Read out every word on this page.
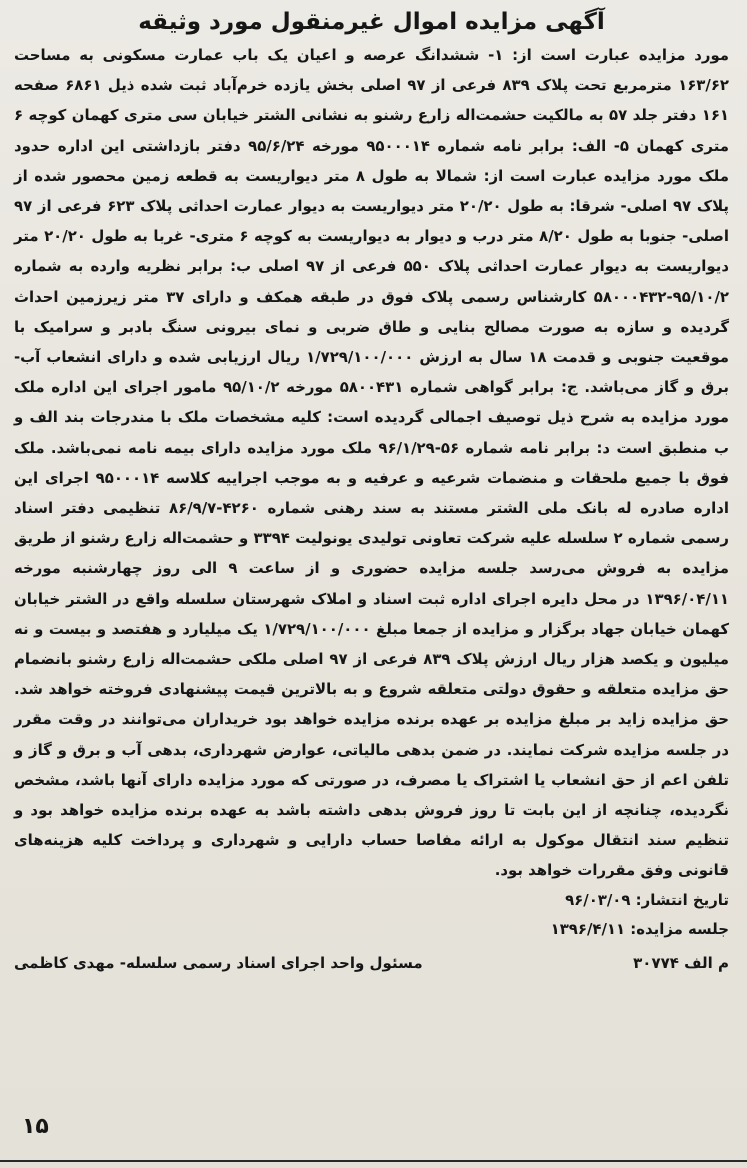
آگهی مزایده اموال غیرمنقول مورد وثیقه

مورد مزایده عبارت است از: ۱- ششدانگ عرصه و اعیان یک باب عمارت مسکونی به مساحت ۱۶۳/۶۲ مترمربع تحت پلاک ۸۳۹ فرعی از ۹۷ اصلی بخش یازده خرم‌آباد ثبت شده ذیل ۶۸۶۱ صفحه ۱۶۱ دفتر جلد ۵۷ به مالکیت حشمت‌اله زارع رشنو به نشانی الشتر خیابان سی متری کهمان کوچه ۶ متری کهمان ۵- الف: برابر نامه شماره ۹۵۰۰۰۱۴ مورخه ۹۵/۶/۲۴ دفتر بازداشتی این اداره حدود ملک مورد مزایده عبارت است از: شمالا به طول ۸ متر دیواریست به قطعه زمین محصور شده از پلاک ۹۷ اصلی- شرقا: به طول ۲۰/۲۰ متر دیواریست به دیوار عمارت احداثی پلاک ۶۲۳ فرعی از ۹۷ اصلی- جنوبا به طول ۸/۲۰ متر درب و دیوار به دیواریست به کوچه ۶ متری- غربا به طول ۲۰/۲۰ متر دیواریست به دیوار عمارت احداثی پلاک ۵۵۰ فرعی از ۹۷ اصلی ب: برابر نظریه وارده به شماره ۹۵/۱۰/۲-۵۸۰۰۰۴۳۲ کارشناس رسمی پلاک فوق در طبقه همکف و دارای ۳۷ متر زیرزمین احداث گردیده و سازه به صورت مصالح بنایی و طاق ضربی و نمای بیرونی سنگ بادبر و سرامیک با موقعیت جنوبی و قدمت ۱۸ سال به ارزش ۱/۷۲۹/۱۰۰/۰۰۰ ریال ارزیابی شده و دارای انشعاب آب- برق و گاز می‌باشد. ج: برابر گواهی شماره ۵۸۰۰۴۳۱ مورخه ۹۵/۱۰/۲ مامور اجرای این اداره ملک مورد مزایده به شرح ذیل توصیف اجمالی گردیده است: کلیه مشخصات ملک با مندرجات بند الف و ب منطبق است د: برابر نامه شماره ۵۶-۹۶/۱/۲۹ ملک مورد مزایده دارای بیمه نامه نمی‌باشد. ملک فوق با جمیع ملحقات و منضمات شرعیه و عرفیه و به موجب اجراییه کلاسه ۹۵۰۰۰۱۴ اجرای این اداره صادره له بانک ملی الشتر مستند به سند رهنی شماره ۴۲۶۰-۸۶/۹/۷ تنظیمی دفتر اسناد رسمی شماره ۲ سلسله علیه شرکت تعاونی تولیدی یونولیت ۳۳۹۴ و حشمت‌اله زارع رشنو از طریق مزایده به فروش می‌رسد جلسه مزایده حضوری و از ساعت ۹ الی روز چهارشنبه مورخه ۱۳۹۶/۰۴/۱۱ در محل دایره اجرای اداره ثبت اسناد و املاک شهرستان سلسله واقع در الشتر خیابان کهمان خیابان جهاد برگزار و مزایده از جمعا مبلغ ۱/۷۲۹/۱۰۰/۰۰۰ یک میلیارد و هفتصد و بیست و نه میلیون و یکصد هزار ریال ارزش پلاک ۸۳۹ فرعی از ۹۷ اصلی ملکی حشمت‌اله زارع رشنو بانضمام حق مزایده متعلقه و حقوق دولتی متعلقه شروع و به بالاترین قیمت پیشنهادی فروخته خواهد شد. حق مزایده زاید بر مبلغ مزایده بر عهده برنده مزایده خواهد بود خریداران می‌توانند در وقت مقرر در جلسه مزایده شرکت نمایند. در ضمن بدهی مالیاتی، عوارض شهرداری، بدهی آب و برق و گاز و تلفن اعم از حق انشعاب یا اشتراک یا مصرف، در صورتی که مورد مزایده دارای آنها باشد، مشخص نگردیده، چنانچه از این بابت تا روز فروش بدهی داشته باشد به عهده برنده مزایده خواهد بود و تنظیم سند انتقال موکول به ارائه مفاصا حساب دارایی و شهرداری و پرداخت کلیه هزینه‌های قانونی وفق مقررات خواهد بود.

تاریخ انتشار: ۹۶/۰۳/۰۹

جلسه مزایده: ۱۳۹۶/۴/۱۱

مسئول واحد اجرای اسناد رسمی سلسله- مهدی کاظمی	م الف ۳۰۷۷۴
۱۵
